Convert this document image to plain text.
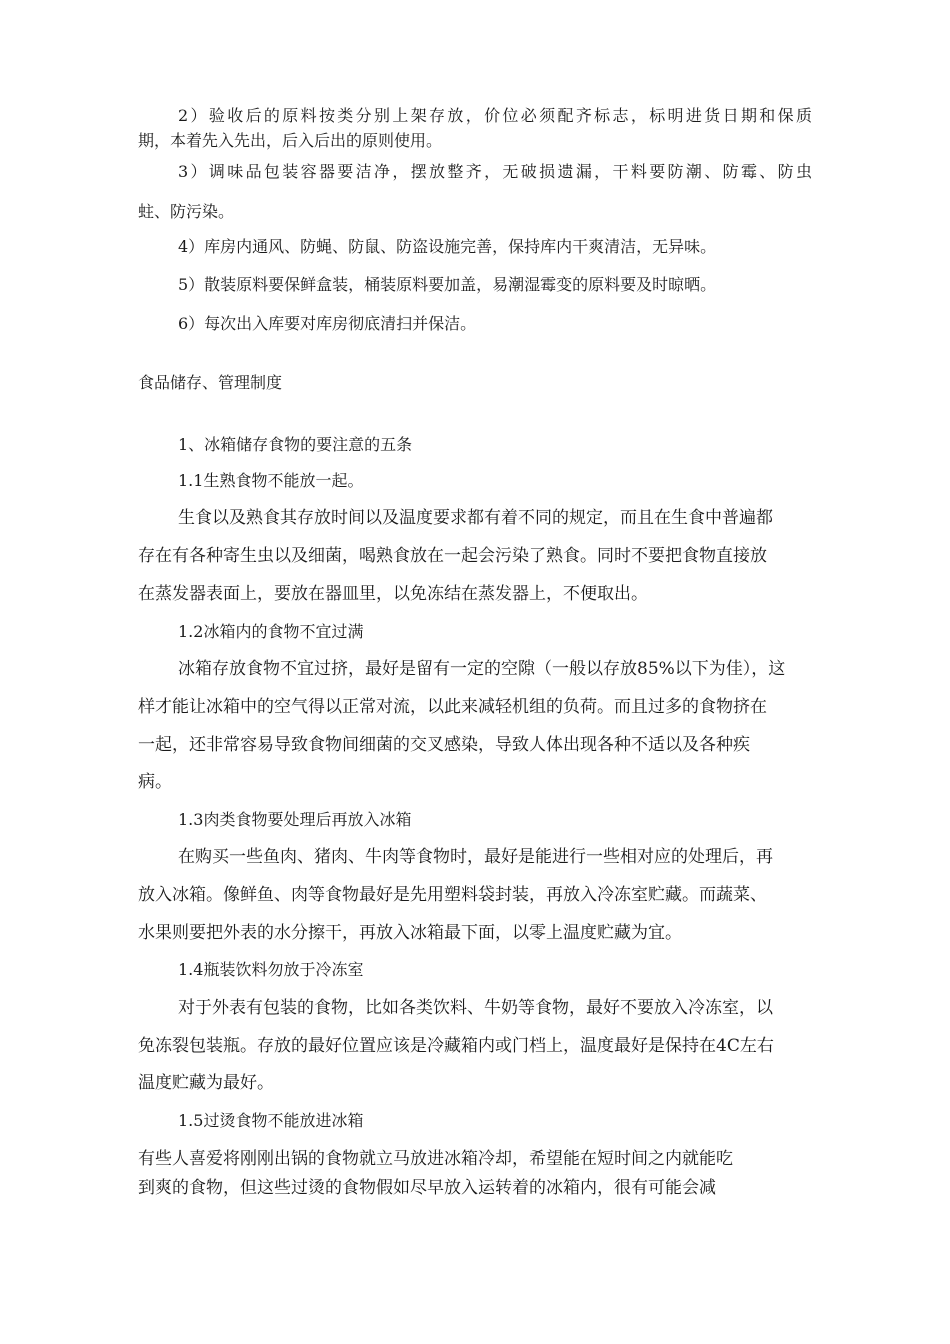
2）验收后的原料按类分别上架存放，价位必须配齐标志，标明进货日期和保质

期，本着先入先出，后入后出的原则使用。

3）调味品包装容器要洁净，摆放整齐，无破损遗漏，干料要防潮、防霉、防虫

蛀、防污染。

4）库房内通风、防蝇、防鼠、防盗设施完善，保持库内干爽清洁，无异味。

5）散装原料要保鲜盒装，桶装原料要加盖，易潮湿霉变的原料要及时晾晒。

6）每次出入库要对库房彻底清扫并保洁。

食品储存、管理制度

1、冰箱储存食物的要注意的五条

1.1生熟食物不能放一起。

生食以及熟食其存放时间以及温度要求都有着不同的规定，而且在生食中普遍都

存在有各种寄生虫以及细菌，喝熟食放在一起会污染了熟食。同时不要把食物直接放

在蒸发器表面上，要放在器皿里，以免冻结在蒸发器上，不便取出。

1.2冰箱内的食物不宜过满

冰箱存放食物不宜过挤，最好是留有一定的空隙（一般以存放85%以下为佳），这

样才能让冰箱中的空气得以正常对流，以此来减轻机组的负荷。而且过多的食物挤在

一起，还非常容易导致食物间细菌的交叉感染，导致人体出现各种不适以及各种疾

病。

1.3肉类食物要处理后再放入冰箱

在购买一些鱼肉、猪肉、牛肉等食物时，最好是能进行一些相对应的处理后，再

放入冰箱。像鲜鱼、肉等食物最好是先用塑料袋封装，再放入冷冻室贮藏。而蔬菜、

水果则要把外表的水分擦干，再放入冰箱最下面，以零上温度贮藏为宜。

1.4瓶装饮料勿放于冷冻室

对于外表有包装的食物，比如各类饮料、牛奶等食物，最好不要放入冷冻室，以

免冻裂包装瓶。存放的最好位置应该是冷藏箱内或门档上，温度最好是保持在4C左右

温度贮藏为最好。

1.5过烫食物不能放进冰箱

有些人喜爱将刚刚出锅的食物就立马放进冰箱冷却，希望能在短时间之内就能吃

到爽的食物，但这些过烫的食物假如尽早放入运转着的冰箱内，很有可能会减
